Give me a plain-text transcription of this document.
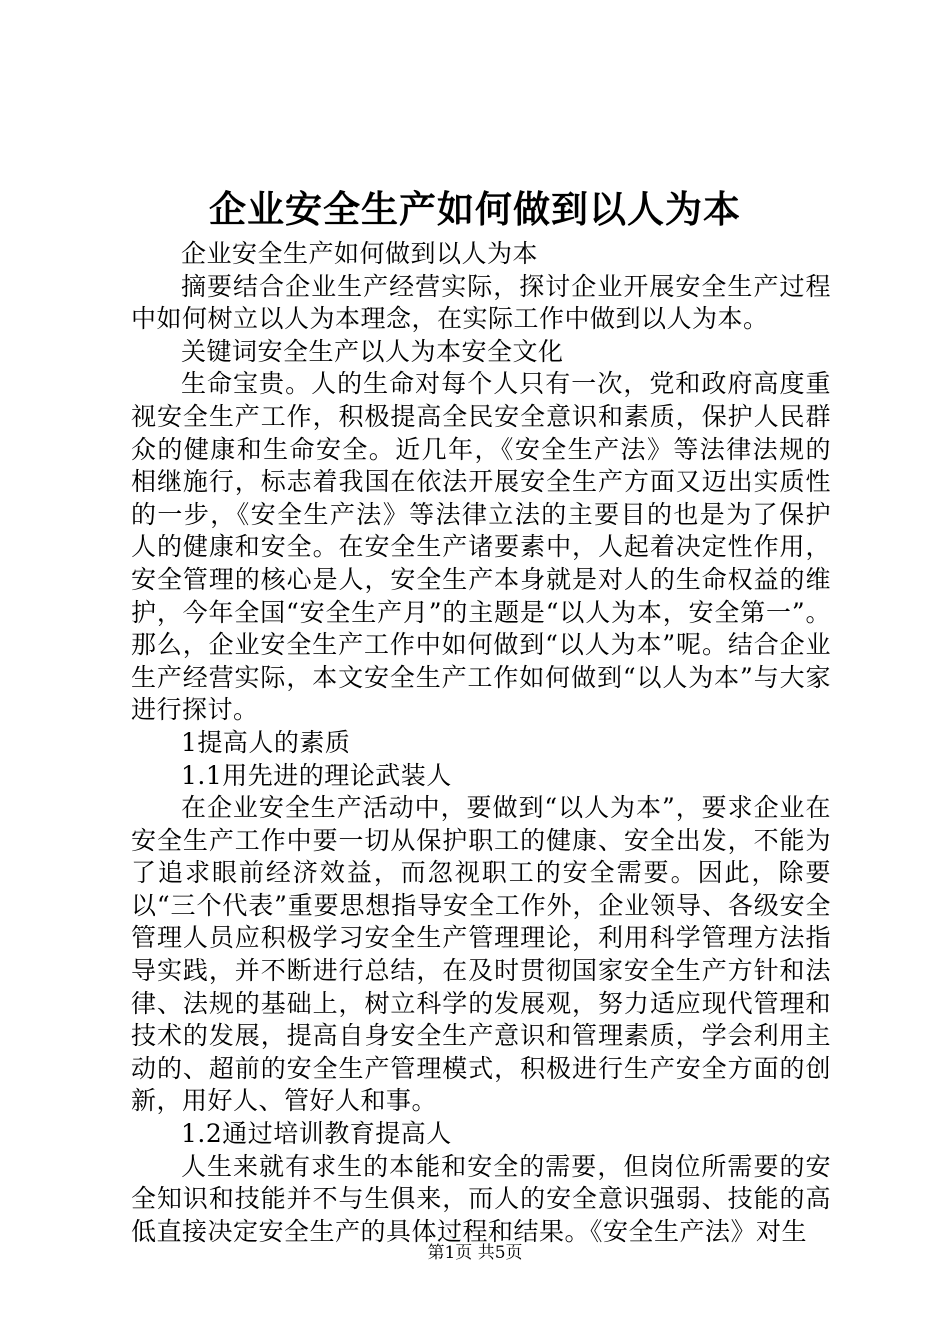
企业安全生产如何做到以人为本

企业安全生产如何做到以人为本

摘要结合企业生产经营实际，探讨企业开展安全生产过程中如何树立以人为本理念，在实际工作中做到以人为本。

关键词安全生产以人为本安全文化

生命宝贵。人的生命对每个人只有一次，党和政府高度重视安全生产工作，积极提高全民安全意识和素质，保护人民群众的健康和生命安全。近几年，《安全生产法》等法律法规的相继施行，标志着我国在依法开展安全生产方面又迈出实质性的一步，《安全生产法》等法律立法的主要目的也是为了保护人的健康和安全。在安全生产诸要素中，人起着决定性作用，安全管理的核心是人，安全生产本身就是对人的生命权益的维护，今年全国“安全生产月”的主题是“以人为本，安全第一”。那么，企业安全生产工作中如何做到“以人为本”呢。结合企业生产经营实际，本文安全生产工作如何做到“以人为本”与大家进行探讨。

1提高人的素质

1.1用先进的理论武装人

在企业安全生产活动中，要做到“以人为本”，要求企业在安全生产工作中要一切从保护职工的健康、安全出发，不能为了追求眼前经济效益，而忽视职工的安全需要。因此，除要以“三个代表”重要思想指导安全工作外，企业领导、各级安全管理人员应积极学习安全生产管理理论，利用科学管理方法指导实践，并不断进行总结，在及时贯彻国家安全生产方针和法律、法规的基础上，树立科学的发展观，努力适应现代管理和技术的发展，提高自身安全生产意识和管理素质，学会利用主动的、超前的安全生产管理模式，积极进行生产安全方面的创新，用好人、管好人和事。

1.2通过培训教育提高人

人生来就有求生的本能和安全的需要，但岗位所需要的安全知识和技能并不与生俱来，而人的安全意识强弱、技能的高低直接决定安全生产的具体过程和结果。《安全生产法》对生

第1页 共5页
